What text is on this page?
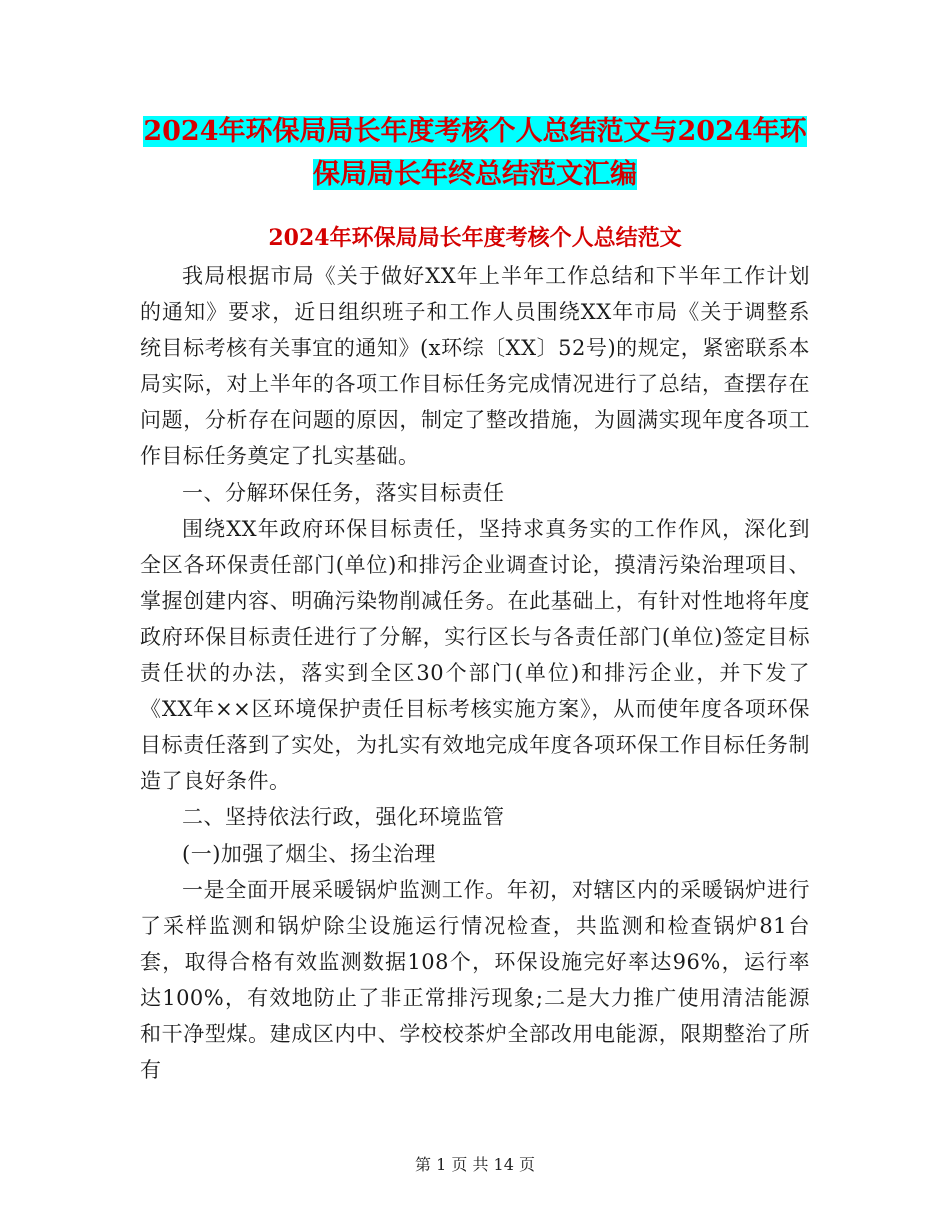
2024年环保局局长年度考核个人总结范文与2024年环保局局长年终总结范文汇编
2024年环保局局长年度考核个人总结范文

我局根据市局《关于做好XX年上半年工作总结和下半年工作计划的通知》要求，近日组织班子和工作人员围绕XX年市局《关于调整系统目标考核有关事宜的通知》(x环综〔XX〕52号)的规定，紧密联系本局实际，对上半年的各项工作目标任务完成情况进行了总结，查摆存在问题，分析存在问题的原因，制定了整改措施，为圆满实现年度各项工作目标任务奠定了扎实基础。

一、分解环保任务，落实目标责任

围绕XX年政府环保目标责任，坚持求真务实的工作作风，深化到全区各环保责任部门(单位)和排污企业调查讨论，摸清污染治理项目、掌握创建内容、明确污染物削减任务。在此基础上，有针对性地将年度政府环保目标责任进行了分解，实行区长与各责任部门(单位)签定目标责任状的办法，落实到全区30个部门(单位)和排污企业，并下发了《XX年××区环境保护责任目标考核实施方案》，从而使年度各项环保目标责任落到了实处，为扎实有效地完成年度各项环保工作目标任务制造了良好条件。

二、坚持依法行政，强化环境监管

(一)加强了烟尘、扬尘治理

一是全面开展采暖锅炉监测工作。年初，对辖区内的采暖锅炉进行了采样监测和锅炉除尘设施运行情况检查，共监测和检查锅炉81台套，取得合格有效监测数据108个，环保设施完好率达96%，运行率达100%，有效地防止了非正常排污现象;二是大力推广使用清洁能源和干净型煤。建成区内中、学校校茶炉全部改用电能源，限期整治了所有

第 1 页 共 14 页
